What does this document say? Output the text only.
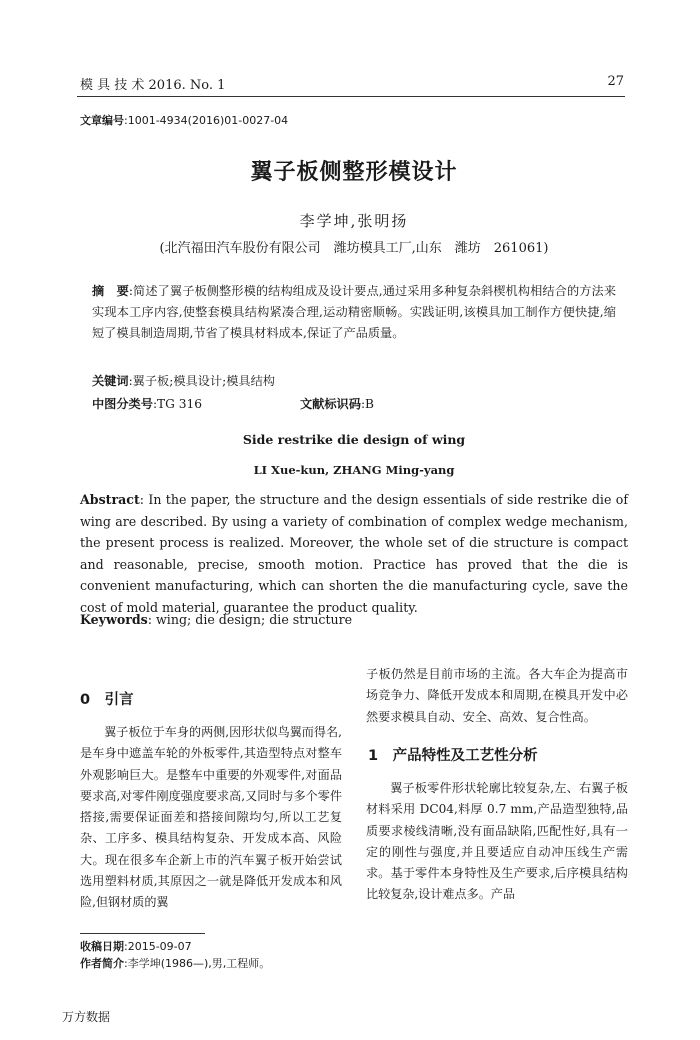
模 具 技 术 2016. No. 1	27
文章编号:1001-4934(2016)01-0027-04
翼子板侧整形模设计
李学坤,张明扬
(北汽福田汽车股份有限公司　潍坊模具工厂,山东　潍坊　261061)
摘　要:简述了翼子板侧整形模的结构组成及设计要点,通过采用多种复杂斜楔机构相结合的方法来实现本工序内容,使整套模具结构紧凑合理,运动精密顺畅。实践证明,该模具加工制作方便快捷,缩短了模具制造周期,节省了模具材料成本,保证了产品质量。
关键词:翼子板;模具设计;模具结构
中图分类号:TG 316	文献标识码:B
Side restrike die design of wing
LI Xue-kun, ZHANG Ming-yang
Abstract: In the paper, the structure and the design essentials of side restrike die of wing are described. By using a variety of combination of complex wedge mechanism, the present process is realized. Moreover, the whole set of die structure is compact and reasonable, precise, smooth motion. Practice has proved that the die is convenient manufacturing, which can shorten the die manufacturing cycle, save the cost of mold material, guarantee the product quality.
Keywords: wing; die design; die structure
0　引言
翼子板位于车身的两侧,因形状似鸟翼而得名,是车身中遮盖车轮的外板零件,其造型特点对整车外观影响巨大。是整车中重要的外观零件,对面品要求高,对零件刚度强度要求高,又同时与多个零件搭接,需要保证面差和搭接间隙均匀,所以工艺复杂、工序多、模具结构复杂、开发成本高、风险大。现在很多车企新上市的汽车翼子板开始尝试选用塑料材质,其原因之一就是降低开发成本和风险,但钢材质的翼
子板仍然是目前市场的主流。各大车企为提高市场竞争力、降低开发成本和周期,在模具开发中必然要求模具自动、安全、高效、复合性高。
1　产品特性及工艺性分析
翼子板零件形状轮廓比较复杂,左、右翼子板材料采用 DC04,料厚 0.7 mm,产品造型独特,品质要求棱线清晰,没有面品缺陷,匹配性好,具有一定的刚性与强度,并且要适应自动冲压线生产需求。基于零件本身特性及生产要求,后序模具结构比较复杂,设计难点多。产品
收稿日期:2015-09-07
作者简介:李学坤(1986—),男,工程师。
万方数据
